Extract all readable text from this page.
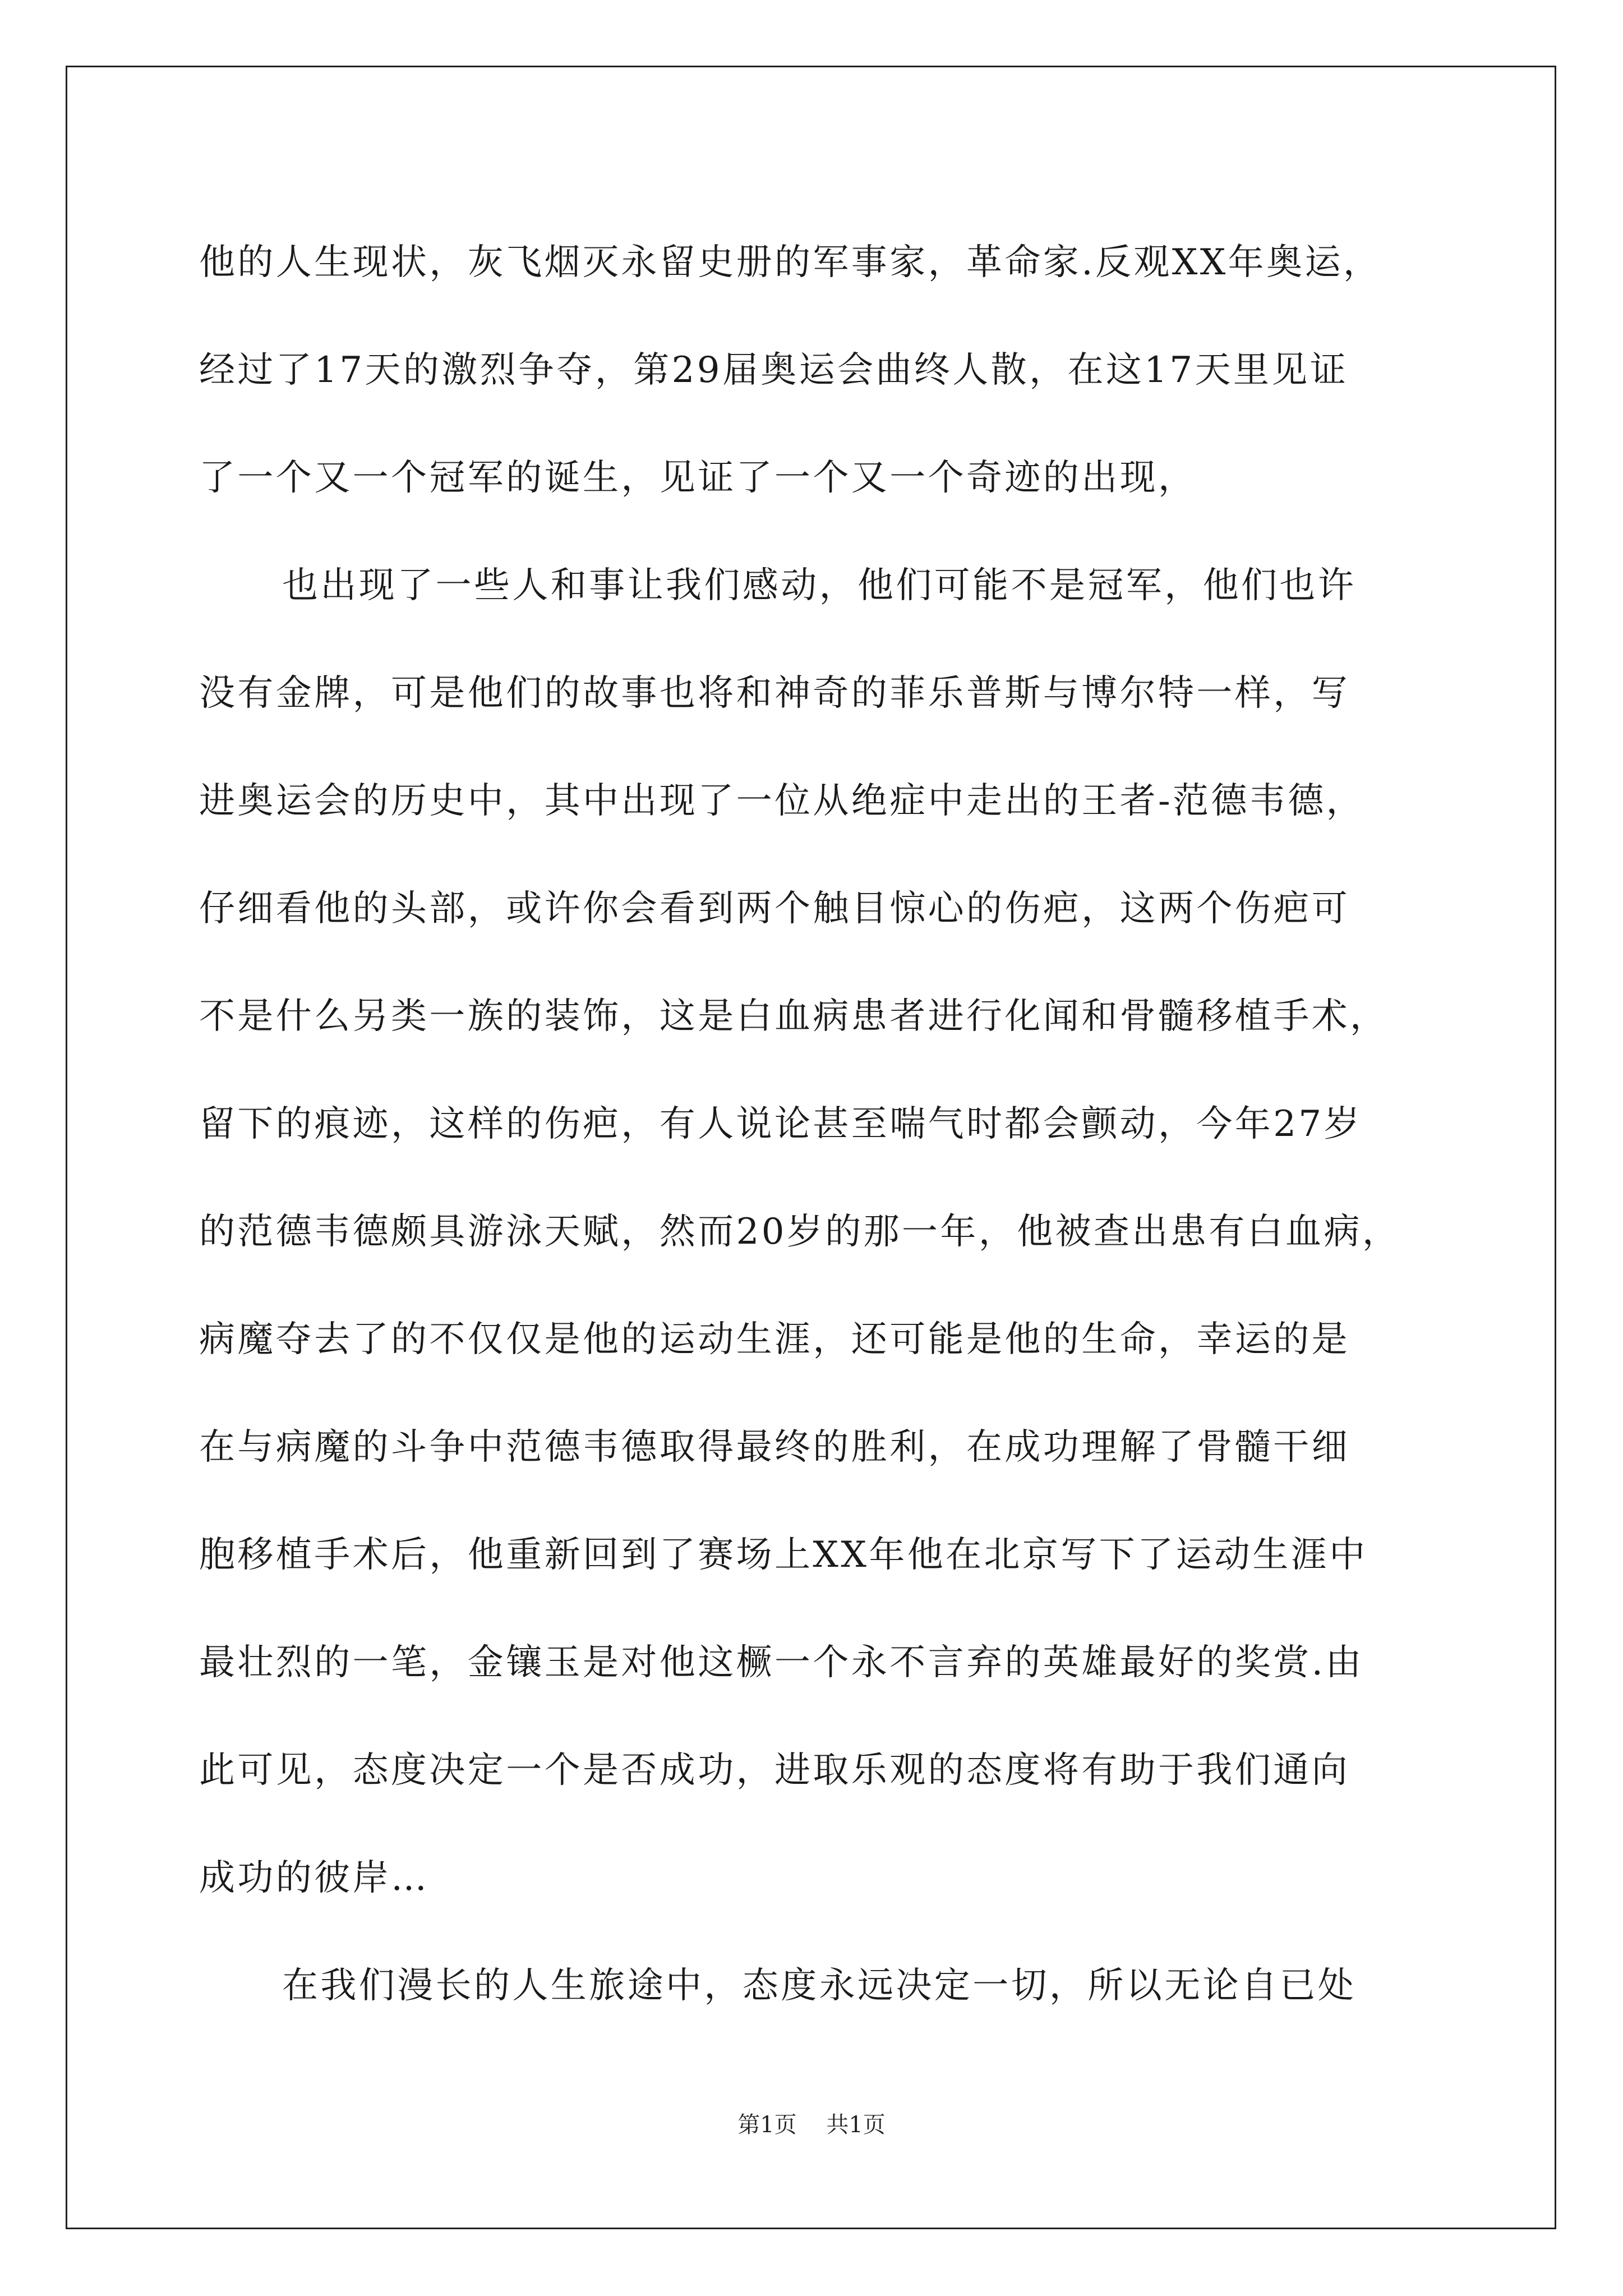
他的人生现状，灰飞烟灭永留史册的军事家，革命家.反观XX年奥运，
经过了17天的激烈争夺，第29届奥运会曲终人散，在这17天里见证
了一个又一个冠军的诞生，见证了一个又一个奇迹的出现，
也出现了一些人和事让我们感动，他们可能不是冠军，他们也许
没有金牌，可是他们的故事也将和神奇的菲乐普斯与博尔特一样，写
进奥运会的历史中，其中出现了一位从绝症中走出的王者-范德韦德，
仔细看他的头部，或许你会看到两个触目惊心的伤疤，这两个伤疤可
不是什么另类一族的装饰，这是白血病患者进行化闻和骨髓移植手术，
留下的痕迹，这样的伤疤，有人说论甚至喘气时都会颤动，今年27岁
的范德韦德颇具游泳天赋，然而20岁的那一年，他被查出患有白血病，
病魔夺去了的不仅仅是他的运动生涯，还可能是他的生命，幸运的是
在与病魔的斗争中范德韦德取得最终的胜利，在成功理解了骨髓干细
胞移植手术后，他重新回到了赛场上XX年他在北京写下了运动生涯中
最壮烈的一笔，金镶玉是对他这橛一个永不言弃的英雄最好的奖赏.由
此可见，态度决定一个是否成功，进取乐观的态度将有助于我们通向
成功的彼岸…
在我们漫长的人生旅途中，态度永远决定一切，所以无论自已处
第1页 共1页
